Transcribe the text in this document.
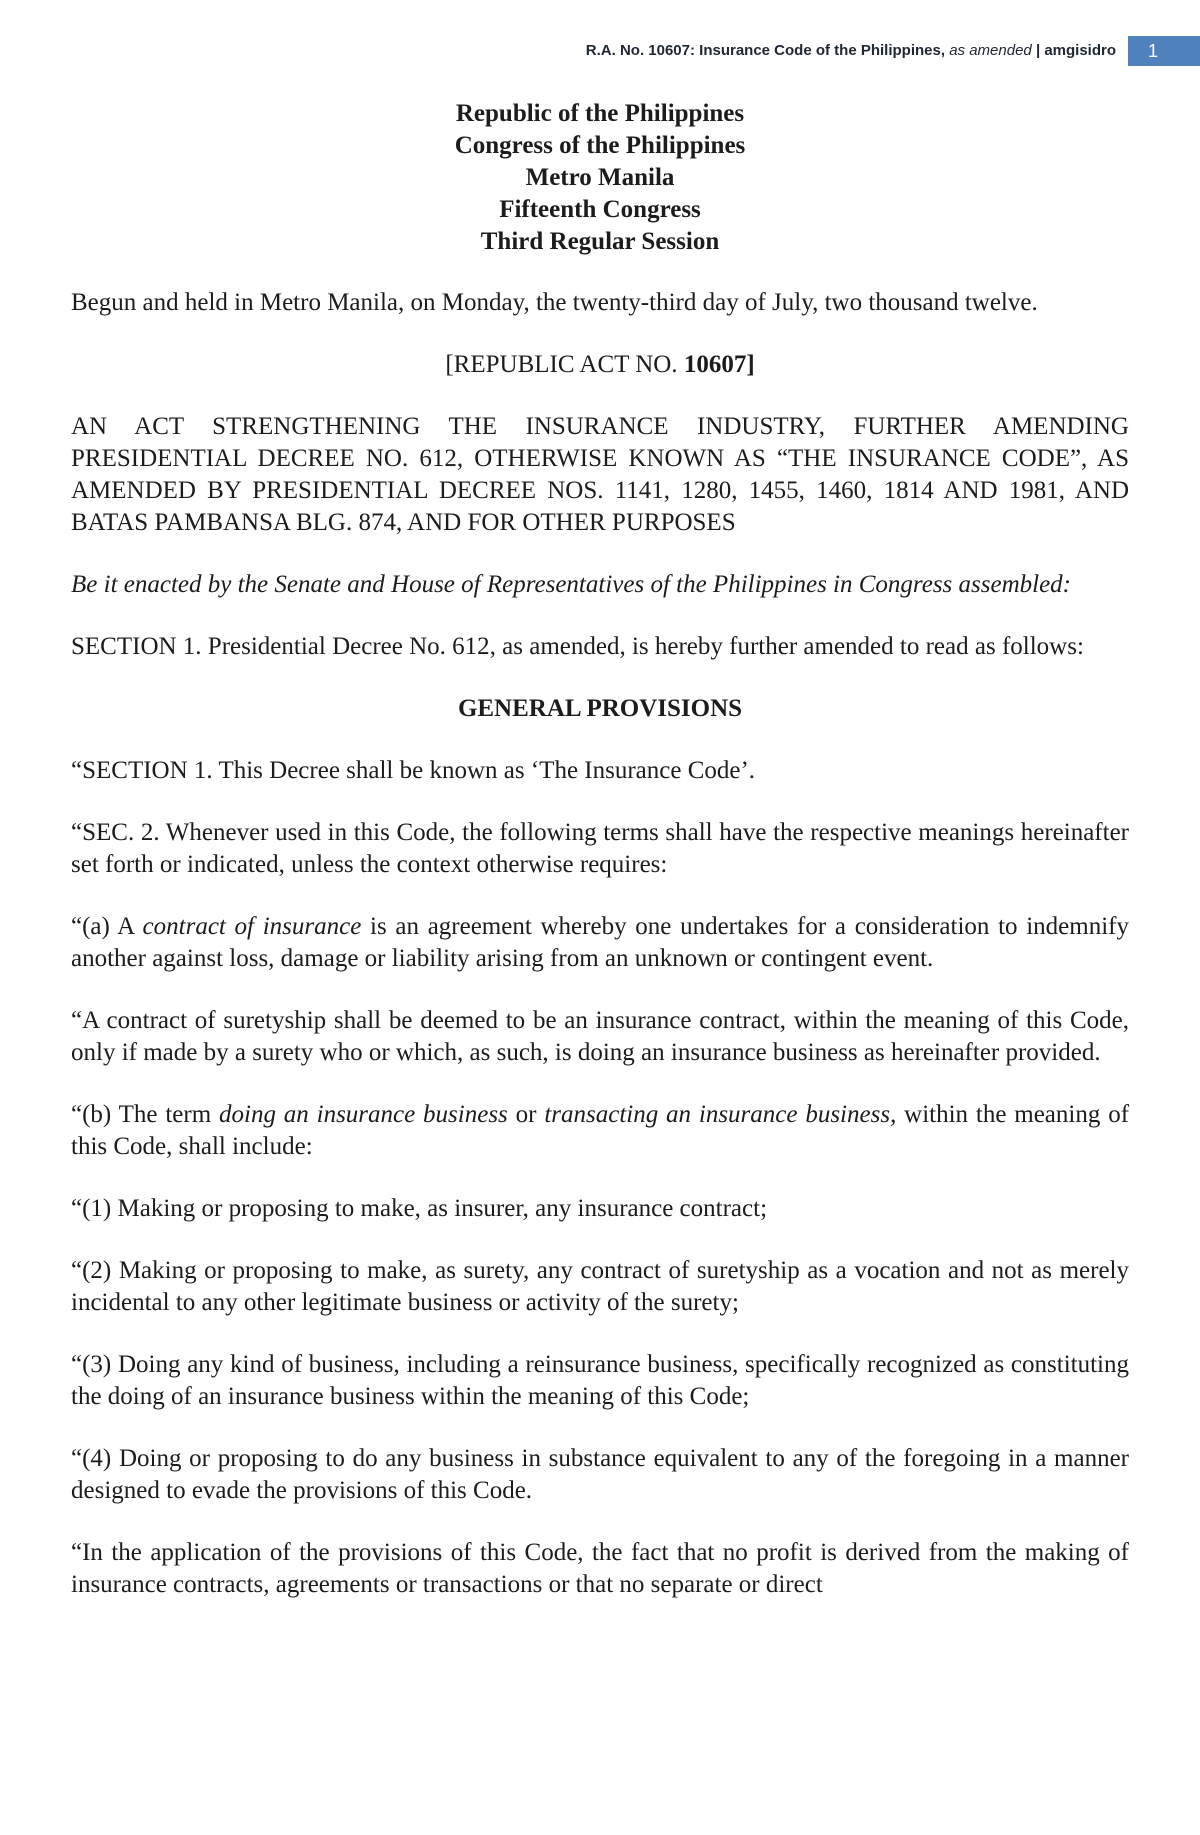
R.A. No. 10607: Insurance Code of the Philippines, as amended | amgisidro	1
Republic of the Philippines
Congress of the Philippines
Metro Manila
Fifteenth Congress
Third Regular Session

Begun and held in Metro Manila, on Monday, the twenty-third day of July, two thousand twelve.

[REPUBLIC ACT NO. 10607]

AN ACT STRENGTHENING THE INSURANCE INDUSTRY, FURTHER AMENDING PRESIDENTIAL DECREE NO. 612, OTHERWISE KNOWN AS “THE INSURANCE CODE”, AS AMENDED BY PRESIDENTIAL DECREE NOS. 1141, 1280, 1455, 1460, 1814 AND 1981, AND BATAS PAMBANSA BLG. 874, AND FOR OTHER PURPOSES

Be it enacted by the Senate and House of Representatives of the Philippines in Congress assembled:

SECTION 1. Presidential Decree No. 612, as amended, is hereby further amended to read as follows:

GENERAL PROVISIONS

“SECTION 1. This Decree shall be known as ‘The Insurance Code’.

“SEC. 2. Whenever used in this Code, the following terms shall have the respective meanings hereinafter set forth or indicated, unless the context otherwise requires:

“(a) A contract of insurance is an agreement whereby one undertakes for a consideration to indemnify another against loss, damage or liability arising from an unknown or contingent event.

“A contract of suretyship shall be deemed to be an insurance contract, within the meaning of this Code, only if made by a surety who or which, as such, is doing an insurance business as hereinafter provided.

“(b) The term doing an insurance business or transacting an insurance business, within the meaning of this Code, shall include:

“(1) Making or proposing to make, as insurer, any insurance contract;

“(2) Making or proposing to make, as surety, any contract of suretyship as a vocation and not as merely incidental to any other legitimate business or activity of the surety;

“(3) Doing any kind of business, including a reinsurance business, specifically recognized as constituting the doing of an insurance business within the meaning of this Code;

“(4) Doing or proposing to do any business in substance equivalent to any of the foregoing in a manner designed to evade the provisions of this Code.

“In the application of the provisions of this Code, the fact that no profit is derived from the making of insurance contracts, agreements or transactions or that no separate or direct
